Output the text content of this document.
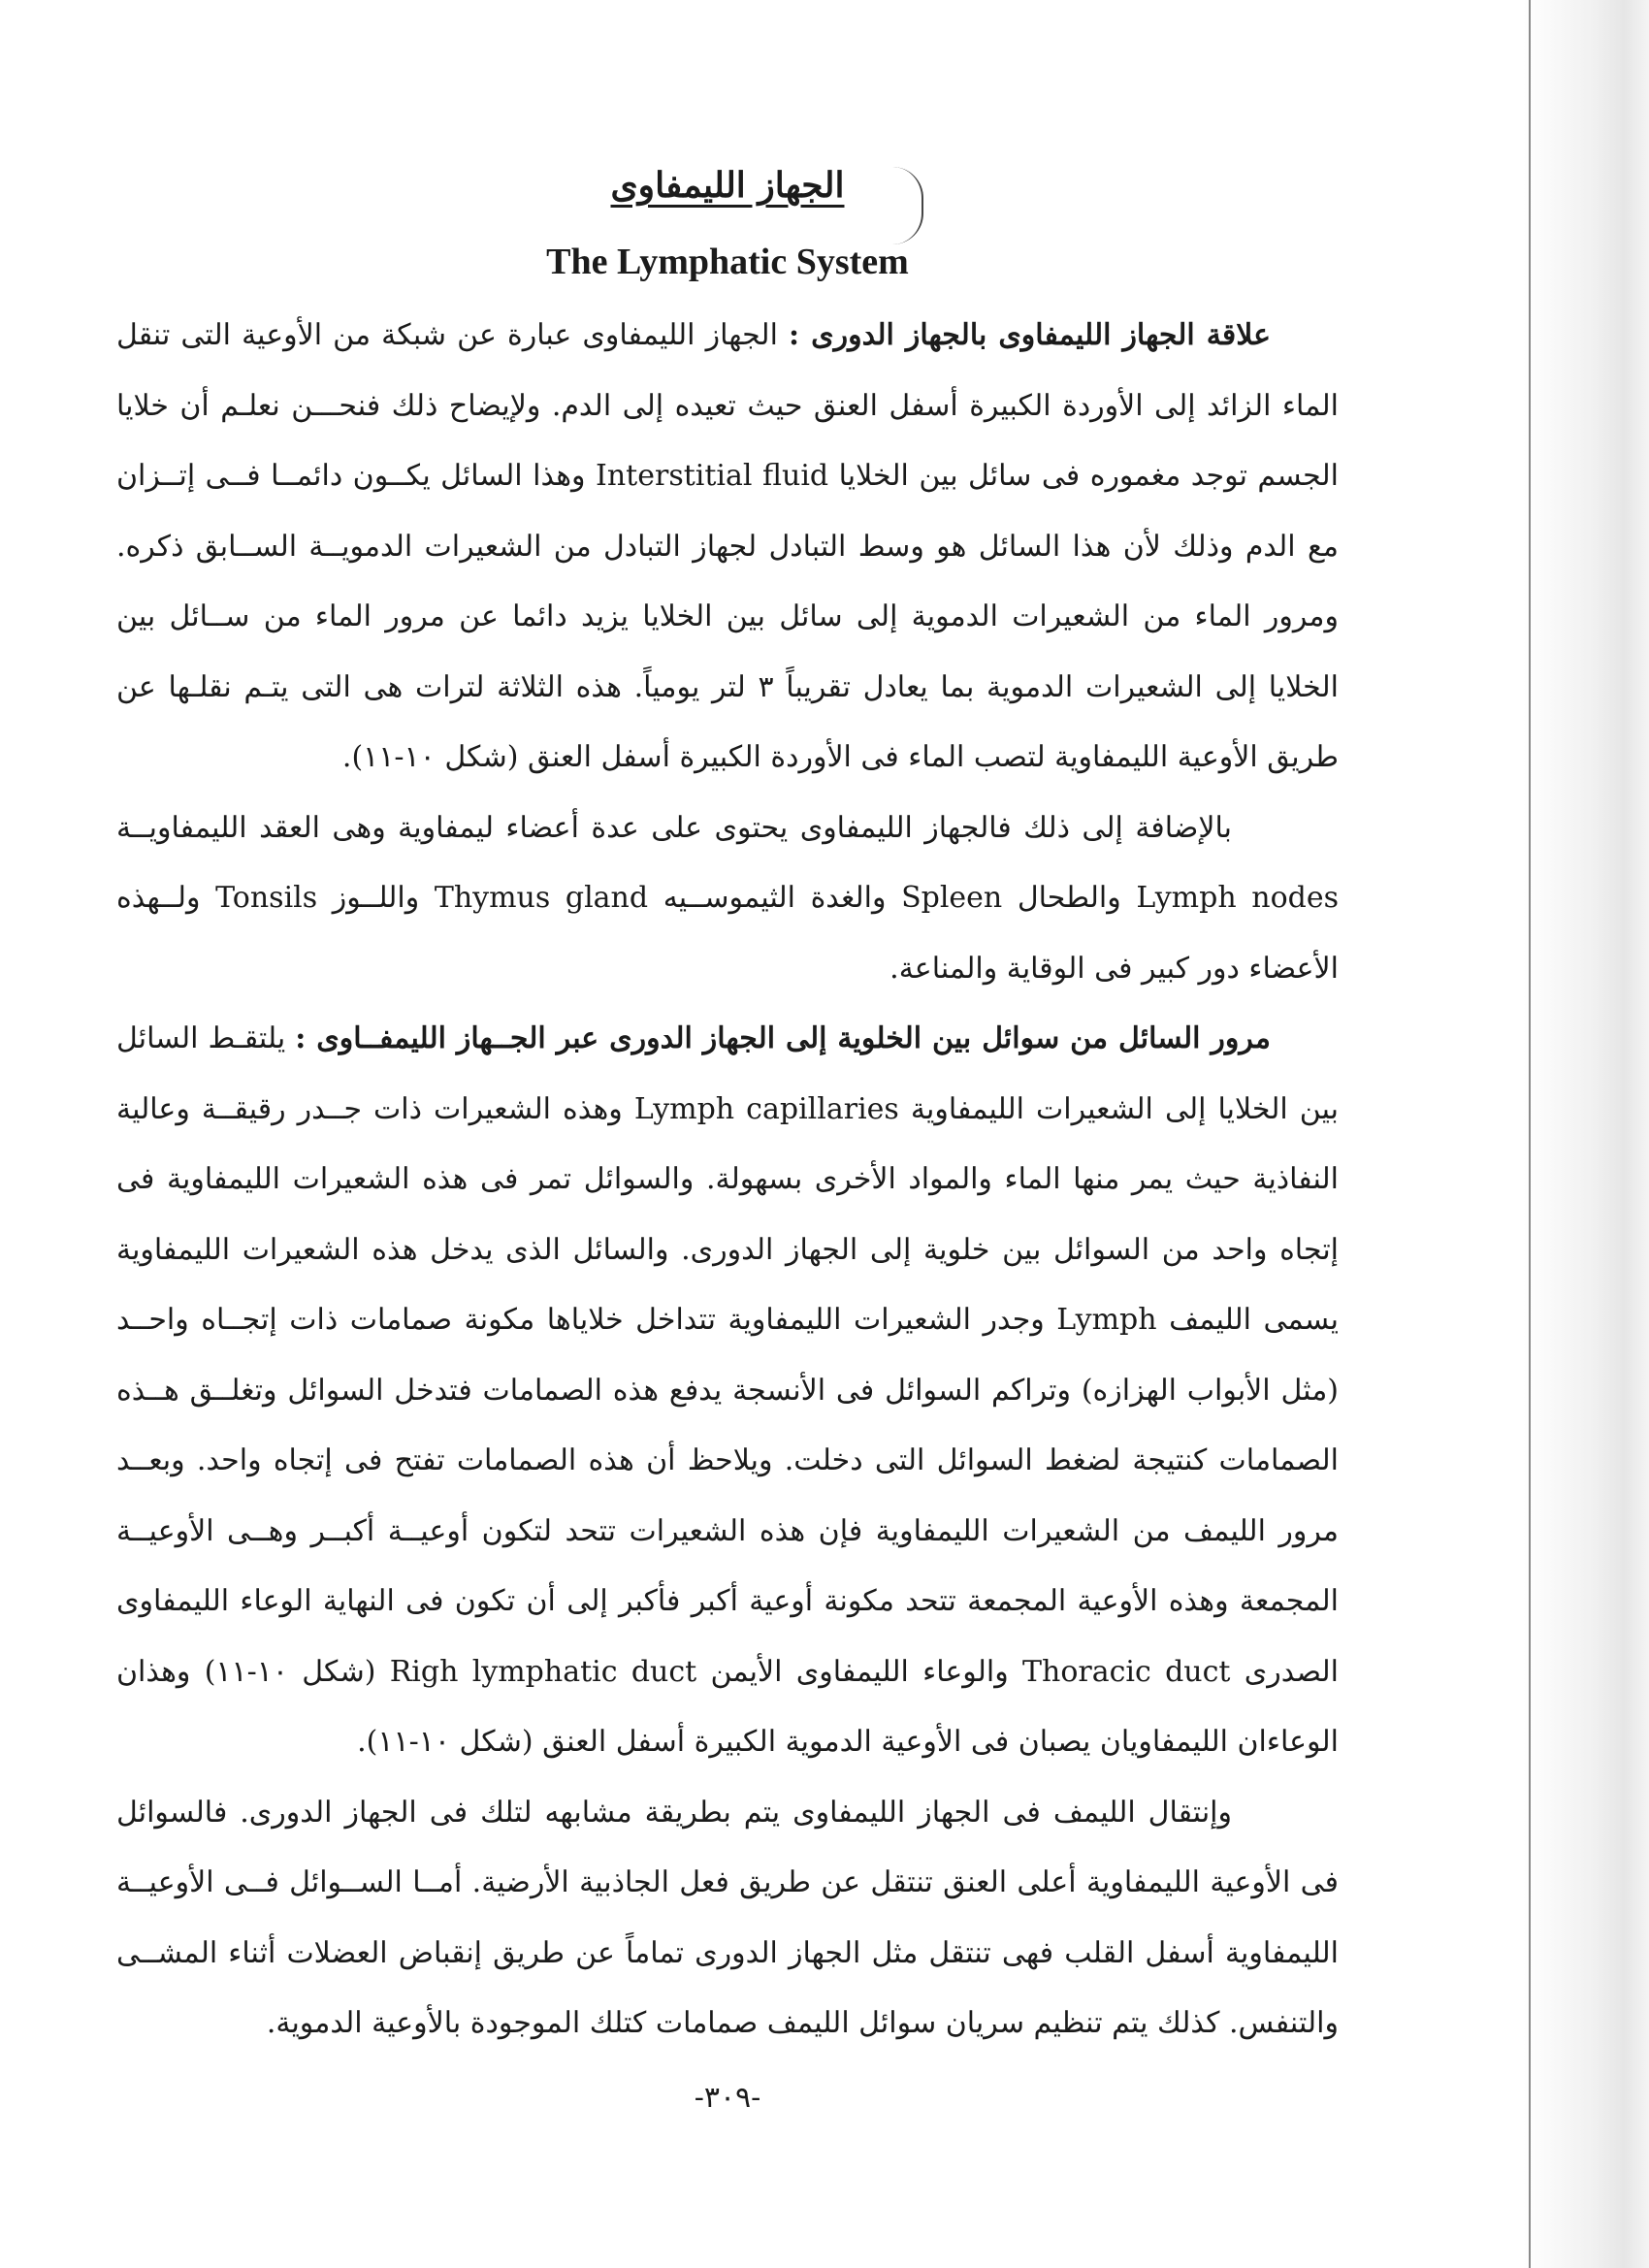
الجهاز الليمفاوى
The Lymphatic System

علاقة الجهاز الليمفاوى بالجهاز الدورى : الجهاز الليمفاوى عبارة عن شبكة من الأوعية التى تنقل الماء الزائد إلى الأوردة الكبيرة أسفل العنق حيث تعيده إلى الدم. ولإيضاح ذلك فنحـــن نعلـم أن خلايا الجسم توجد مغموره فى سائل بين الخلايا Interstitial fluid وهذا السائل يكــون دائمــا فــى إتــزان مع الدم وذلك لأن هذا السائل هو وسط التبادل لجهاز التبادل من الشعيرات الدمويــة الســابق ذكره. ومرور الماء من الشعيرات الدموية إلى سائل بين الخلايا يزيد دائما عن مرور الماء من ســائل بين الخلايا إلى الشعيرات الدموية بما يعادل تقريباً ٣ لتر يومياً. هذه الثلاثة لترات هى التى يتـم نقلـها عن طريق الأوعية الليمفاوية لتصب الماء فى الأوردة الكبيرة أسفل العنق (شكل ١٠-١١).

بالإضافة إلى ذلك فالجهاز الليمفاوى يحتوى على عدة أعضاء ليمفاوية وهى العقد الليمفاويــة Lymph nodes والطحال Spleen والغدة الثيموســيه Thymus gland واللــوز Tonsils ولــهذه الأعضاء دور كبير فى الوقاية والمناعة.

مرور السائل من سوائل بين الخلوية إلى الجهاز الدورى عبر الجــهاز الليمفــاوى : يلتقـط السائل بين الخلايا إلى الشعيرات الليمفاوية Lymph capillaries وهذه الشعيرات ذات جــدر رقيقــة وعالية النفاذية حيث يمر منها الماء والمواد الأخرى بسهولة. والسوائل تمر فى هذه الشعيرات الليمفاوية فى إتجاه واحد من السوائل بين خلوية إلى الجهاز الدورى. والسائل الذى يدخل هذه الشعيرات الليمفاوية يسمى الليمف Lymph وجدر الشعيرات الليمفاوية تتداخل خلاياها مكونة صمامات ذات إتجــاه واحــد (مثل الأبواب الهزازه) وتراكم السوائل فى الأنسجة يدفع هذه الصمامات فتدخل السوائل وتغلــق هــذه الصمامات كنتيجة لضغط السوائل التى دخلت. ويلاحظ أن هذه الصمامات تفتح فى إتجاه واحد. وبعــد مرور الليمف من الشعيرات الليمفاوية فإن هذه الشعيرات تتحد لتكون أوعيــة أكبــر وهــى الأوعيــة المجمعة وهذه الأوعية المجمعة تتحد مكونة أوعية أكبر فأكبر إلى أن تكون فى النهاية الوعاء الليمفاوى الصدرى Thoracic duct والوعاء الليمفاوى الأيمن Righ lymphatic duct (شكل ١٠-١١) وهذان الوعاءان الليمفاويان يصبان فى الأوعية الدموية الكبيرة أسفل العنق (شكل ١٠-١١).

وإنتقال الليمف فى الجهاز الليمفاوى يتم بطريقة مشابهه لتلك فى الجهاز الدورى. فالسوائل فى الأوعية الليمفاوية أعلى العنق تنتقل عن طريق فعل الجاذبية الأرضية. أمــا الســوائل فــى الأوعيــة الليمفاوية أسفل القلب فهى تنتقل مثل الجهاز الدورى تماماً عن طريق إنقباض العضلات أثناء المشــى والتنفس. كذلك يتم تنظيم سريان سوائل الليمف صمامات كتلك الموجودة بالأوعية الدموية.

-٣٠٩-
